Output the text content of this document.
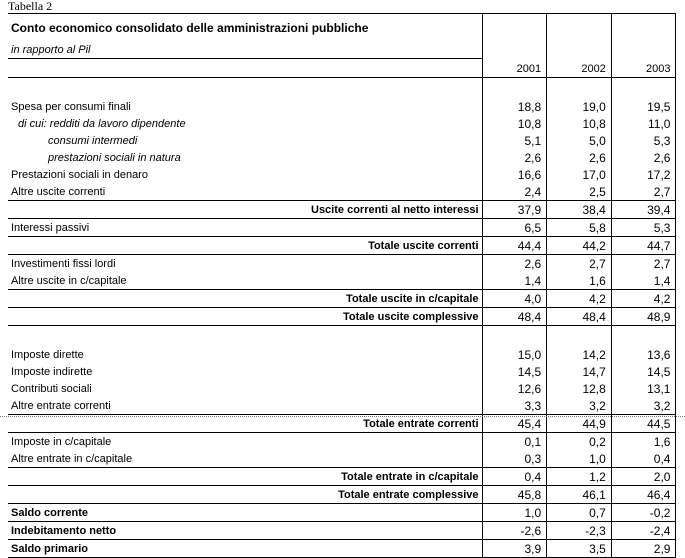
Tabella 2
Conto economico consolidato delle amministrazioni pubbliche			
in rapporto al Pil			
	2001	2002	2003

Spesa per consumi finali	18,8	19,0	19,5
di cui: redditi da lavoro dipendente	10,8	10,8	11,0
consumi intermedi	5,1	5,0	5,3
prestazioni sociali in natura	2,6	2,6	2,6
Prestazioni sociali in denaro	16,6	17,0	17,2
Altre uscite correnti	2,4	2,5	2,7
Uscite correnti al netto interessi	37,9	38,4	39,4
Interessi passivi	6,5	5,8	5,3
Totale uscite correnti	44,4	44,2	44,7
Investimenti fissi lordi	2,6	2,7	2,7
Altre uscite in c/capitale	1,4	1,6	1,4
Totale uscite in c/capitale	4,0	4,2	4,2
Totale uscite complessive	48,4	48,4	48,9

Imposte dirette	15,0	14,2	13,6
Imposte indirette	14,5	14,7	14,5
Contributi sociali	12,6	12,8	13,1
Altre entrate correnti	3,3	3,2	3,2
Totale entrate correnti	45,4	44,9	44,5
Imposte in c/capitale	0,1	0,2	1,6
Altre entrate in c/capitale	0,3	1,0	0,4
Totale entrate in c/capitale	0,4	1,2	2,0
Totale entrate complessive	45,8	46,1	46,4
Saldo corrente	1,0	0,7	-0,2
Indebitamento netto	-2,6	-2,3	-2,4
Saldo primario	3,9	3,5	2,9
